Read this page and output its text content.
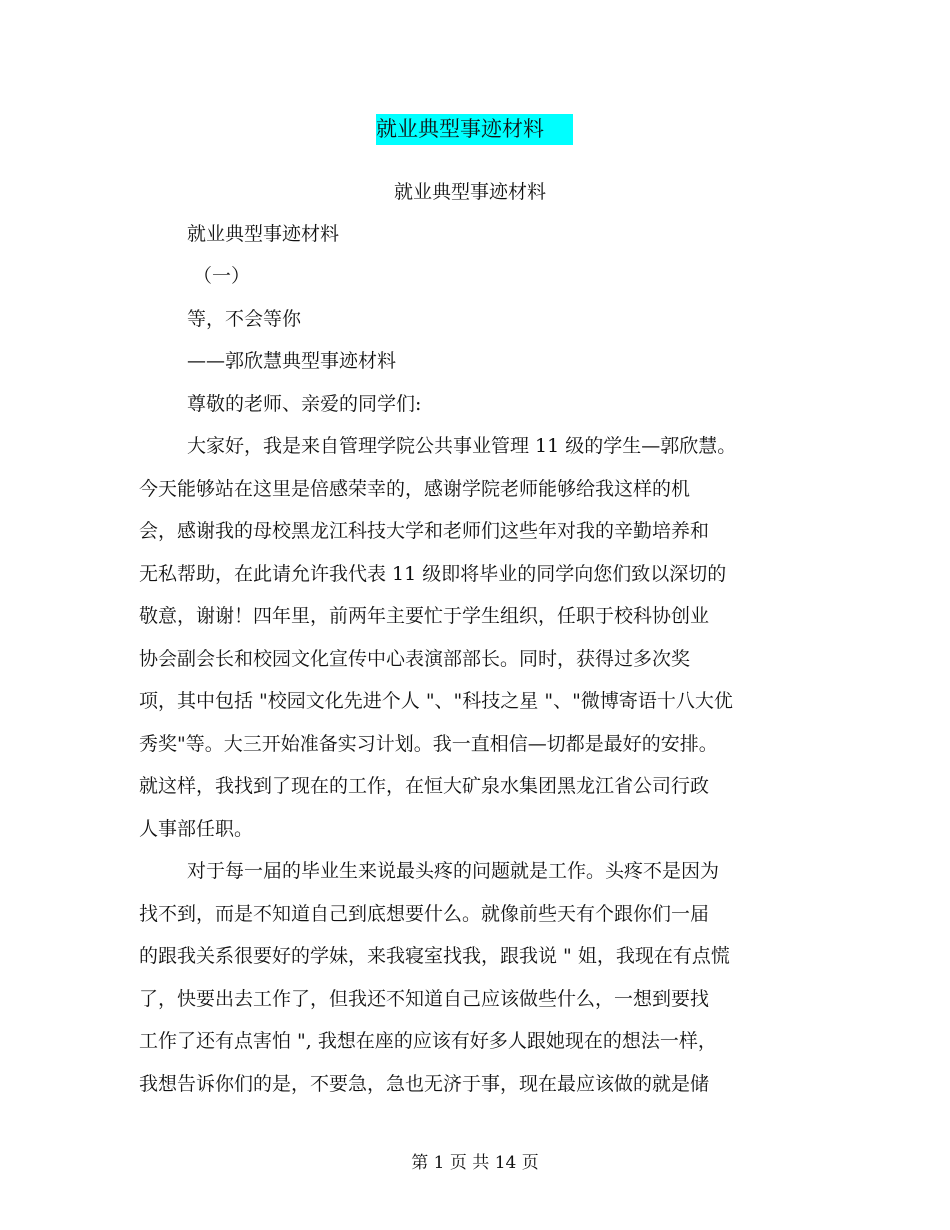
就业典型事迹材料
就业典型事迹材料
就业典型事迹材料
（一）
等，不会等你
——郭欣慧典型事迹材料
尊敬的老师、亲爱的同学们:
大家好，我是来自管理学院公共事业管理 11 级的学生—郭欣慧。
今天能够站在这里是倍感荣幸的，感谢学院老师能够给我这样的机
会，感谢我的母校黑龙江科技大学和老师们这些年对我的辛勤培养和
无私帮助，在此请允许我代表 11 级即将毕业的同学向您们致以深切的
敬意，谢谢！四年里，前两年主要忙于学生组织，任职于校科协创业
协会副会长和校园文化宣传中心表演部部长。同时，获得过多次奖
项，其中包括 "校园文化先进个人 "、"科技之星 "、"微博寄语十八大优
秀奖"等。大三开始准备实习计划。我一直相信—切都是最好的安排。
就这样，我找到了现在的工作，在恒大矿泉水集团黑龙江省公司行政
人事部任职。
对于每一届的毕业生来说最头疼的问题就是工作。头疼不是因为
找不到，而是不知道自己到底想要什么。就像前些天有个跟你们一届
的跟我关系很要好的学妹，来我寝室找我，跟我说 " 姐，我现在有点慌
了，快要出去工作了，但我还不知道自己应该做些什么，一想到要找
工作了还有点害怕 ", 我想在座的应该有好多人跟她现在的想法一样，
我想告诉你们的是，不要急，急也无济于事，现在最应该做的就是储
第 1 页 共 14 页
